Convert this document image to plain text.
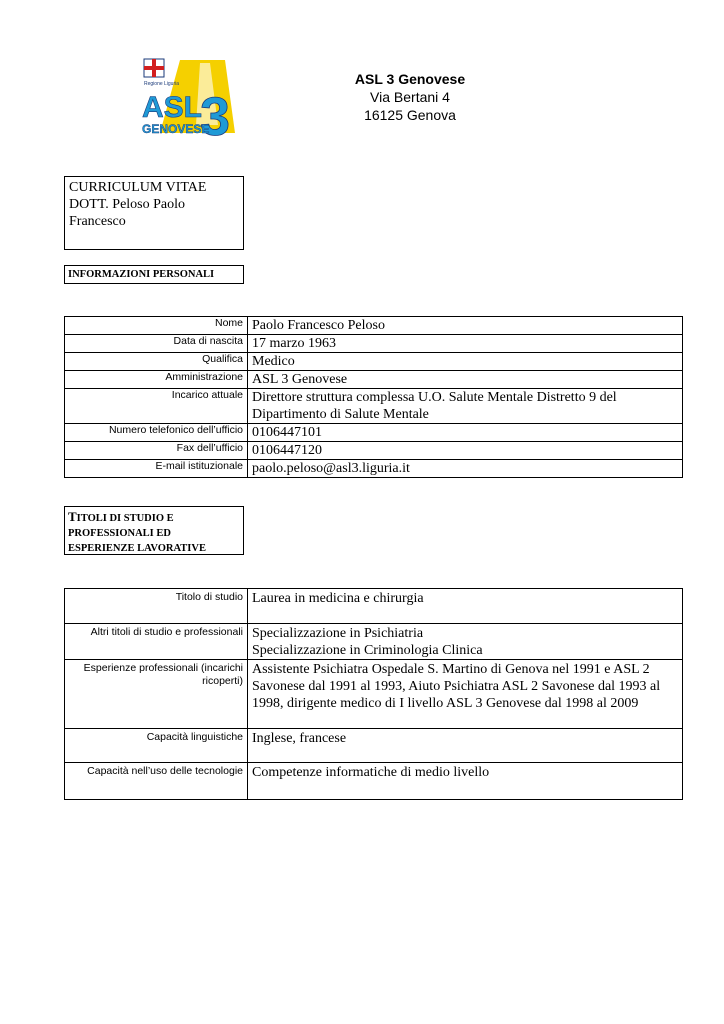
Regione Liguria
ASL
3
GENOVESE
ASL 3 Genovese
Via Bertani 4
16125 Genova
CURRICULUM VITAE
DOTT. Peloso Paolo
Francesco
INFORMAZIONI PERSONALI
Nome	Paolo Francesco Peloso
Data di nascita	17 marzo 1963
Qualifica	Medico
Amministrazione	ASL 3 Genovese
Incarico attuale	Direttore struttura complessa U.O. Salute Mentale Distretto 9 del Dipartimento di Salute Mentale
Numero telefonico dell’ufficio	0106447101
Fax dell’ufficio	0106447120
E-mail istituzionale	paolo.peloso@asl3.liguria.it
TITOLI DI STUDIO E
PROFESSIONALI ED
ESPERIENZE LAVORATIVE
Titolo di studio	Laurea in medicina e chirurgia

Altri titoli di studio e professionali	Specializzazione in Psichiatria
Specializzazione in Criminologia Clinica

Esperienze professionali (incarichi ricoperti)	Assistente Psichiatra Ospedale S. Martino di Genova nel 1991 e ASL 2 Savonese dal 1991 al 1993, Aiuto Psichiatra ASL 2 Savonese dal 1993 al 1998, dirigente medico di I livello ASL 3 Genovese dal 1998 al 2009

Capacità linguistiche	Inglese, francese

Capacità nell’uso delle tecnologie	Competenze informatiche di medio livello
